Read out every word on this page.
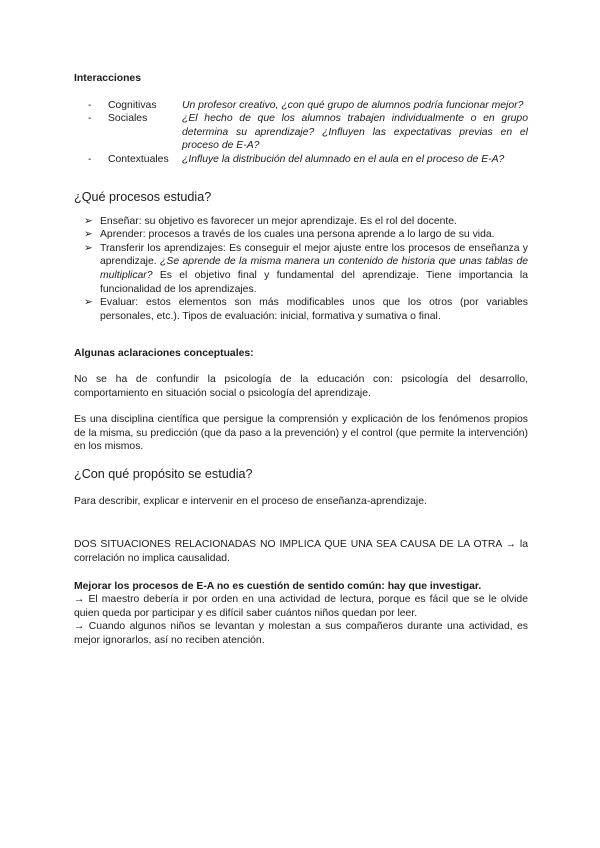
Interacciones

-	Cognitivas	Un profesor creativo, ¿con qué grupo de alumnos podría funcionar mejor?
-	Sociales	¿El hecho de que los alumnos trabajen individualmente o en grupo determina su aprendizaje? ¿Influyen las expectativas previas en el proceso de E-A?
-	Contextuales	¿Influye la distribución del alumnado en el aula en el proceso de E-A?

¿Qué procesos estudia?

➢ Enseñar: su objetivo es favorecer un mejor aprendizaje. Es el rol del docente.
➢ Aprender: procesos a través de los cuales una persona aprende a lo largo de su vida.
➢ Transferir los aprendizajes: Es conseguir el mejor ajuste entre los procesos de enseñanza y aprendizaje. ¿Se aprende de la misma manera un contenido de historia que unas tablas de multiplicar? Es el objetivo final y fundamental del aprendizaje. Tiene importancia la funcionalidad de los aprendizajes.
➢ Evaluar: estos elementos son más modificables unos que los otros (por variables personales, etc.). Tipos de evaluación: inicial, formativa y sumativa o final.

Algunas aclaraciones conceptuales:

No se ha de confundir la psicología de la educación con: psicología del desarrollo, comportamiento en situación social o psicología del aprendizaje.

Es una disciplina científica que persigue la comprensión y explicación de los fenómenos propios de la misma, su predicción (que da paso a la prevención) y el control (que permite la intervención) en los mismos.

¿Con qué propósito se estudia?

Para describir, explicar e intervenir en el proceso de enseñanza-aprendizaje.

DOS SITUACIONES RELACIONADAS NO IMPLICA QUE UNA SEA CAUSA DE LA OTRA → la correlación no implica causalidad.

Mejorar los procesos de E-A no es cuestión de sentido común: hay que investigar.

→ El maestro debería ir por orden en una actividad de lectura, porque es fácil que se le olvide quien queda por participar y es difícil saber cuántos niños quedan por leer.

→ Cuando algunos niños se levantan y molestan a sus compañeros durante una actividad, es mejor ignorarlos, así no reciben atención.
